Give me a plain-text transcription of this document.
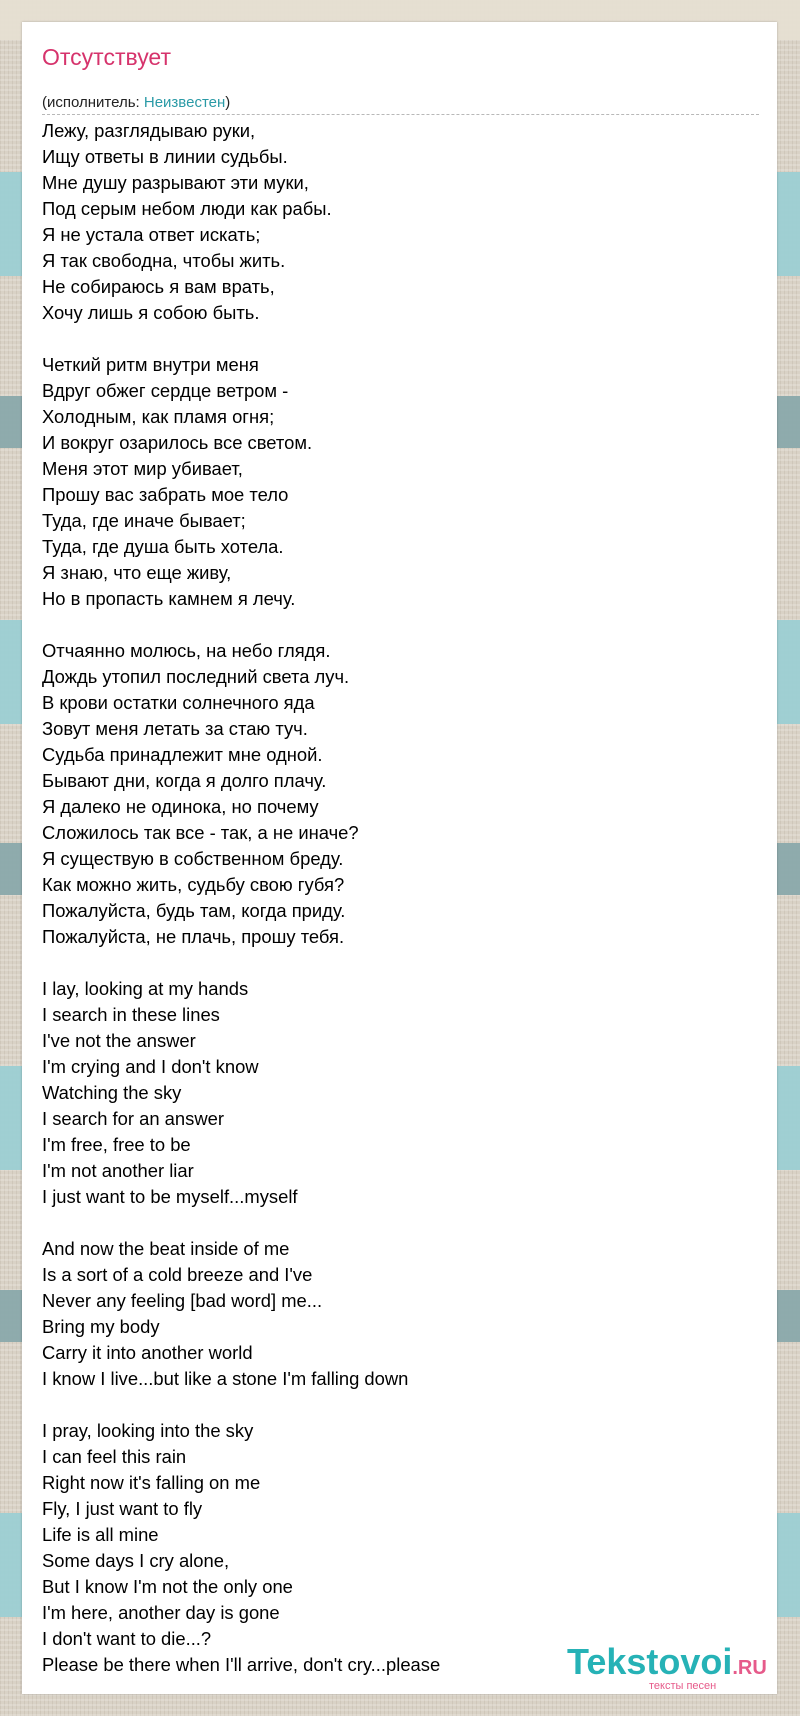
Отсутствует
(исполнитель: Неизвестен)
Лежу, разглядываю руки,
Ищу ответы в линии судьбы.
Мне душу разрывают эти муки,
Под серым небом люди как рабы.
Я не устала ответ искать;
Я так свободна, чтобы жить.
Не собираюсь я вам врать,
Хочу лишь я собою быть.
Четкий ритм внутри меня
Вдруг обжег сердце ветром -
Холодным, как пламя огня;
И вокруг озарилось все светом.
Меня этот мир убивает,
Прошу вас забрать мое тело
Туда, где иначе бывает;
Туда, где душа быть хотела.
Я знаю, что еще живу,
Но в пропасть камнем я лечу.
Отчаянно молюсь, на небо глядя.
Дождь утопил последний света луч.
В крови остатки солнечного яда
Зовут меня летать за стаю туч.
Судьба принадлежит мне одной.
Бывают дни, когда я долго плачу.
Я далеко не одинока, но почему
Сложилось так все - так, а не иначе?
Я существую в собственном бреду.
Как можно жить, судьбу свою губя?
Пожалуйста, будь там, когда приду.
Пожалуйста, не плачь, прошу тебя.
I lay, looking at my hands
I search in these lines
I've not the answer
I'm crying and I don't know
Watching the sky
I search for an answer
I'm free, free to be
I'm not another liar
I just want to be myself...myself
And now the beat inside of me
Is a sort of a cold breeze and I've
Never any feeling [bad word] me...
Bring my body
Carry it into another world
I know I live...but like a stone I'm falling down
I pray, looking into the sky
I can feel this rain
Right now it's falling on me
Fly, I just want to fly
Life is all mine
Some days I cry alone,
But I know I'm not the only one
I'm here, another day is gone
I don't want to die...?
Please be there when I'll arrive, don't cry...please	Tekstovoi.RU
тексты песен
